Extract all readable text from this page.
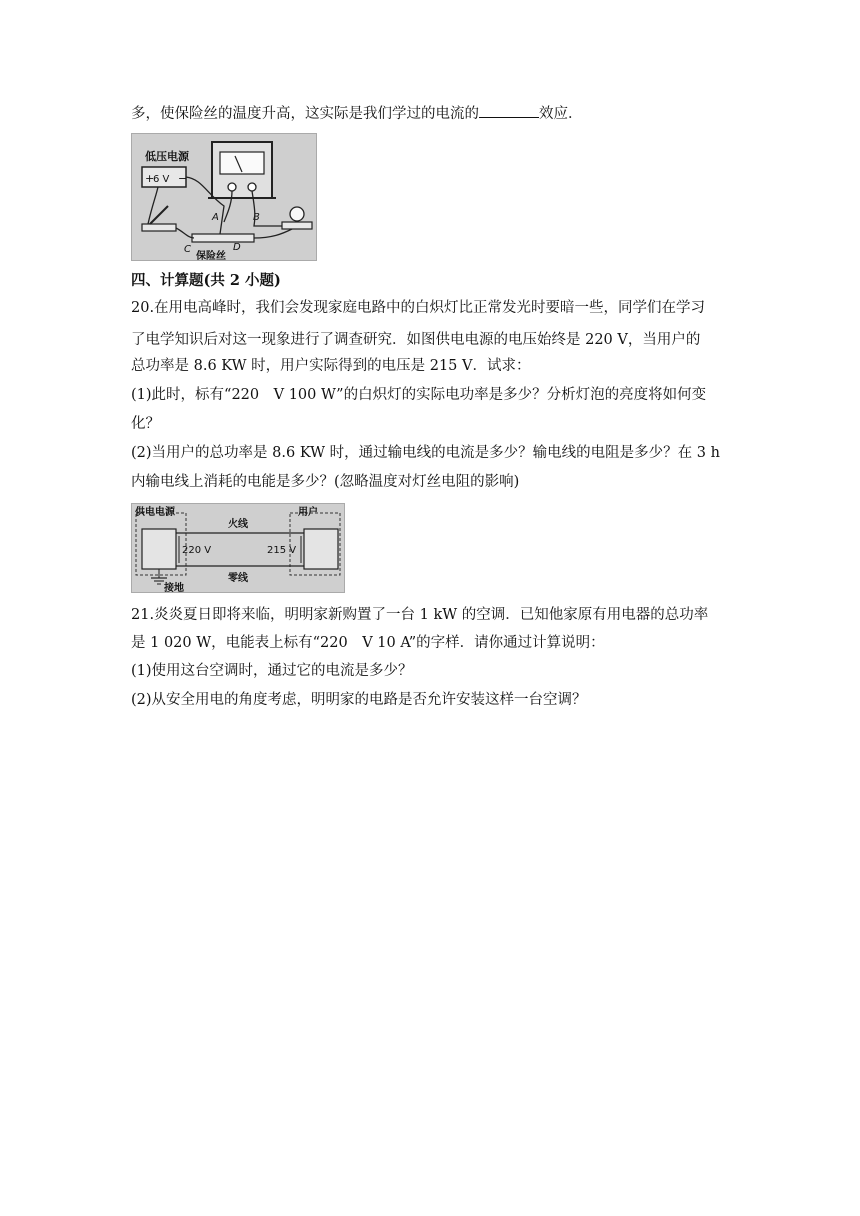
多，使保险丝的温度升高，这实际是我们学过的电流的	效应．
低压电源
+
6 V −
A	B
C	D
保险丝
四、计算题(共 2 小题)
20.在用电高峰时，我们会发现家庭电路中的白炽灯比正常发光时要暗一些，同学们在学习
了电学知识后对这一现象进行了调查研究．如图供电电源的电压始终是 220 V，当用户的
总功率是 8.6 KW 时，用户实际得到的电压是 215 V．试求：
(1)此时，标有“220　V 100 W”的白炽灯的实际电功率是多少？分析灯泡的亮度将如何变
化？
(2)当用户的总功率是 8.6 KW 时，通过输电线的电流是多少？输电线的电阻是多少？在 3 h
内输电线上消耗的电能是多少？(忽略温度对灯丝电阻的影响)
供电电源	用户
火线
零线
220 V	215 V
接地
21.炎炎夏日即将来临，明明家新购置了一台 1 kW 的空调．已知他家原有用电器的总功率
是 1 020 W，电能表上标有“220　V 10 A”的字样．请你通过计算说明：
(1)使用这台空调时，通过它的电流是多少？
(2)从安全用电的角度考虑，明明家的电路是否允许安装这样一台空调？
